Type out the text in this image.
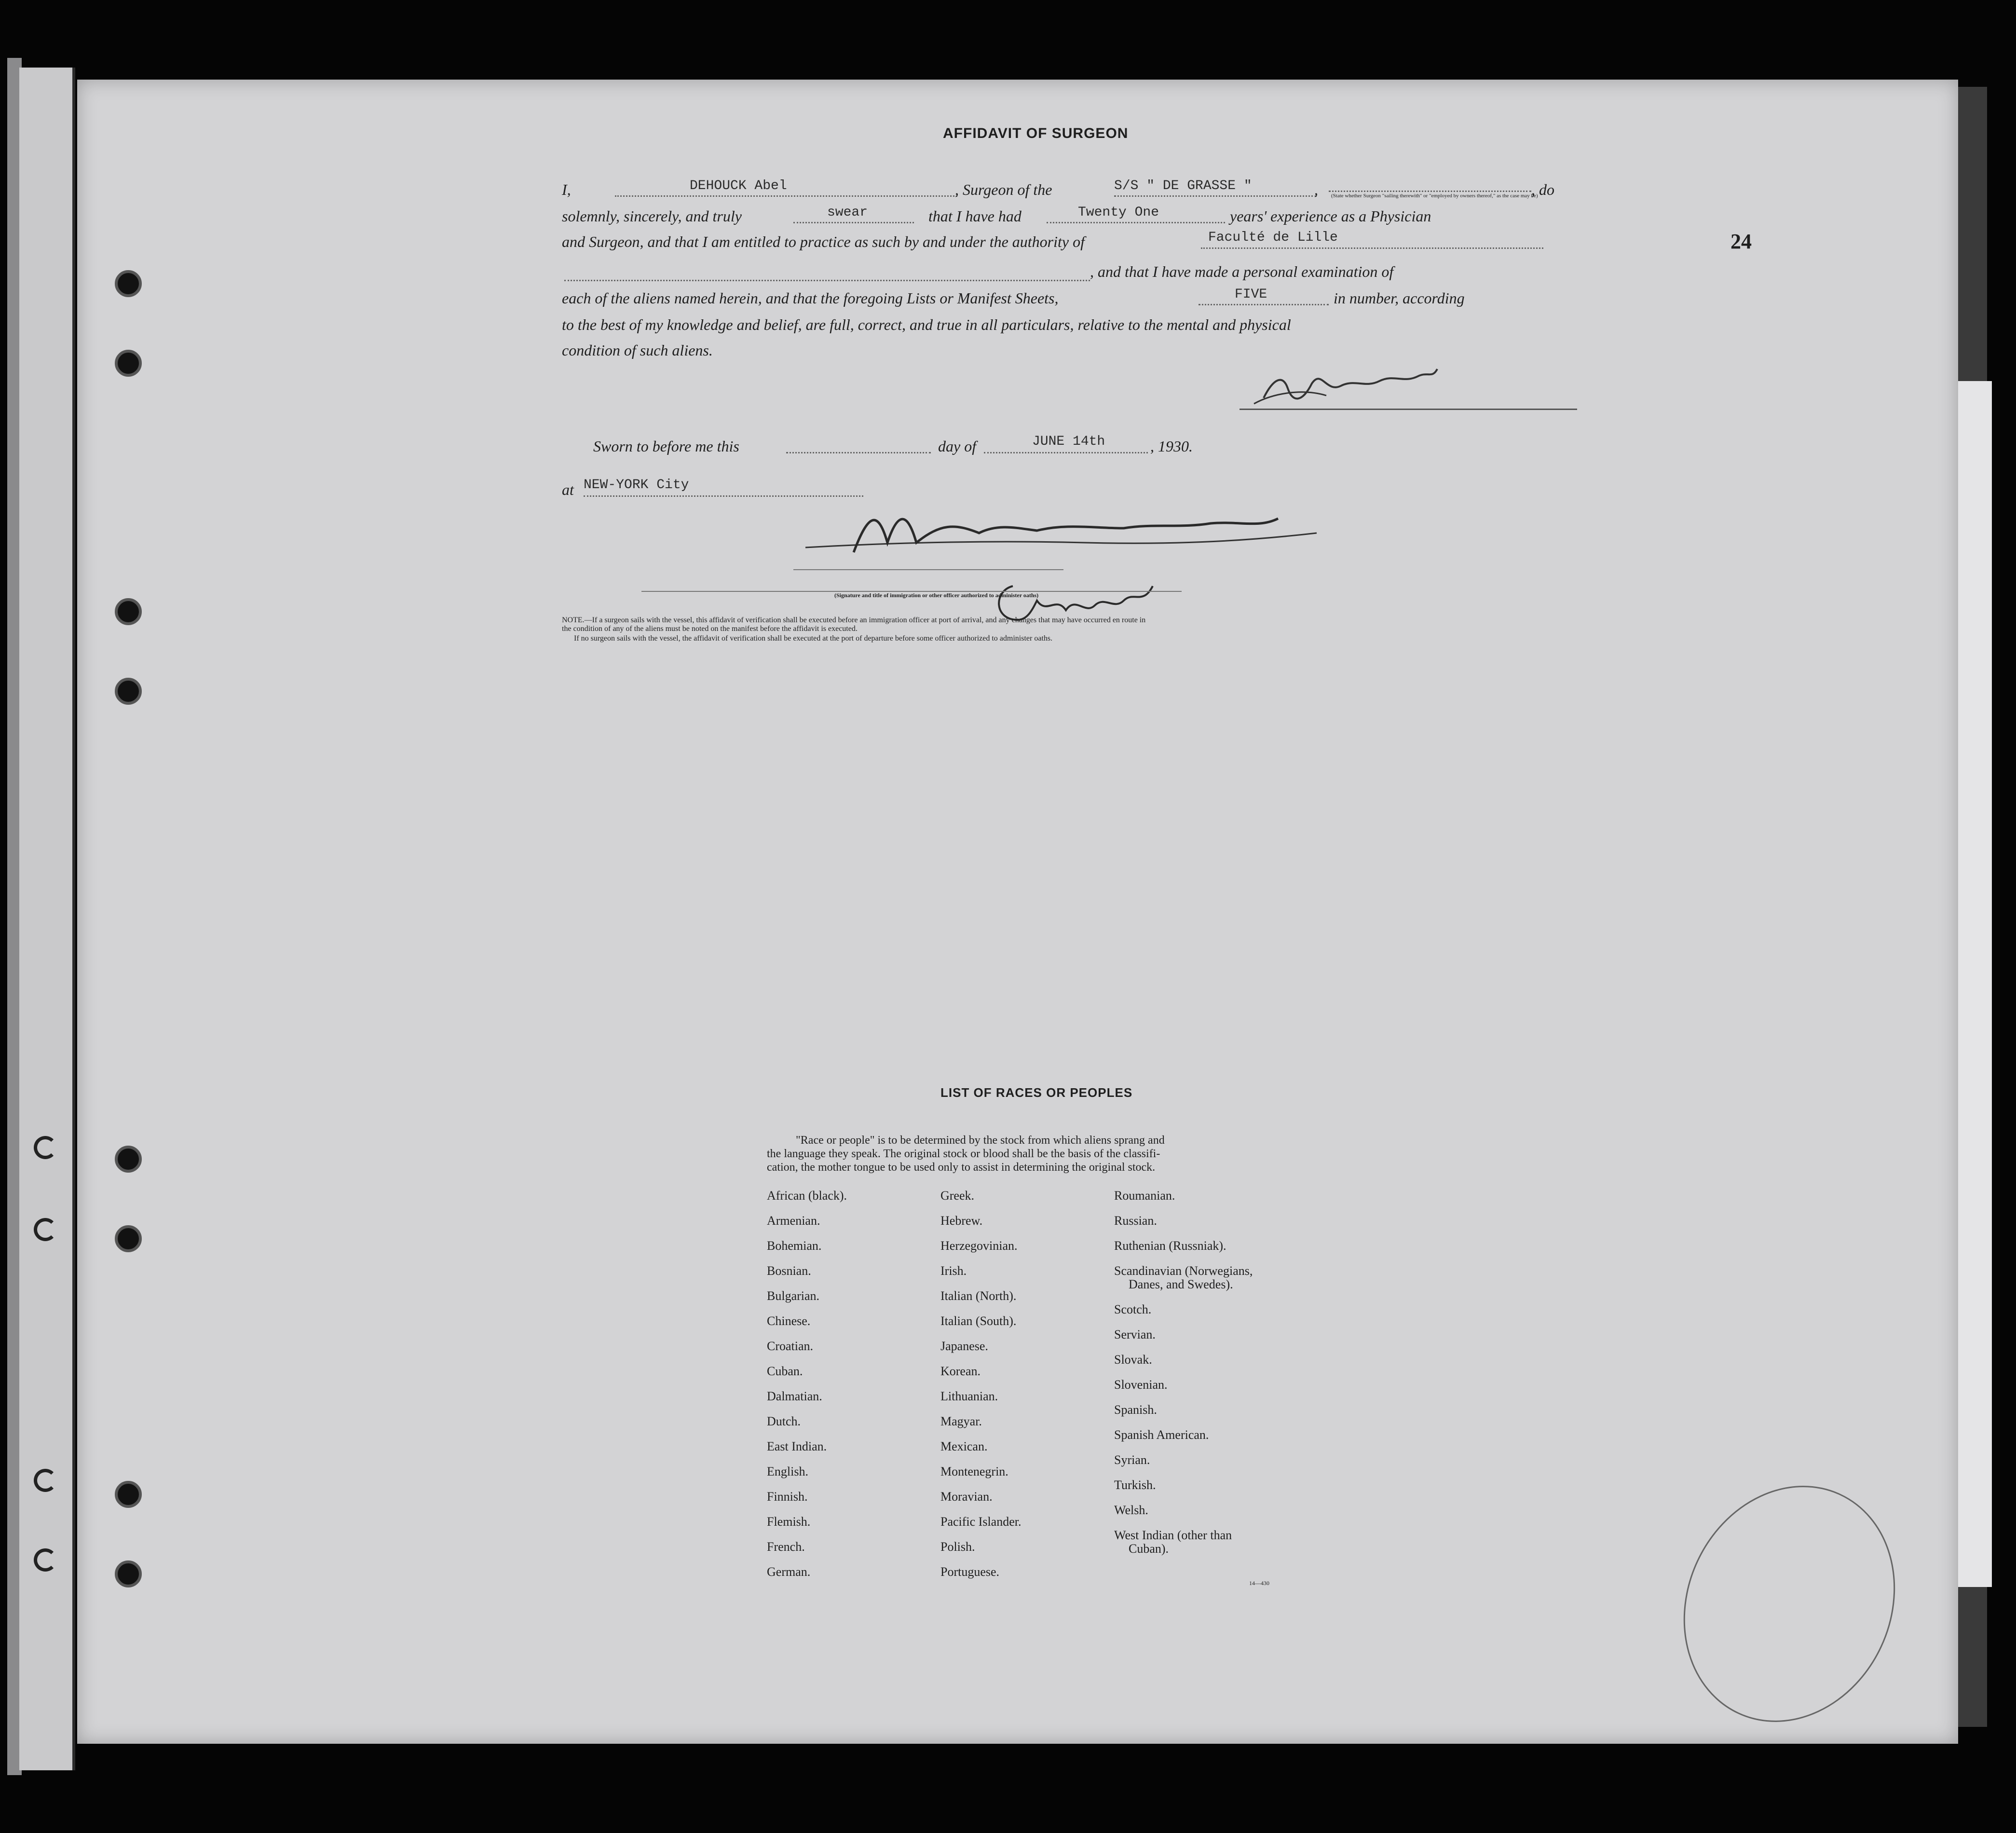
24
AFFIDAVIT OF SURGEON
I,	DEHOUCK Abel	, Surgeon of the	S/S " DE GRASSE "	, (State whether Surgeon "sailing therewith" or "employed by owners thereof," as the case may be)
, do
solemnly, sincerely, and truly	swear	that I have had	Twenty One	years' experience as a Physician
and Surgeon, and that I am entitled to practice as such by and under the authority of	Faculté de Lille
, and that I have made a personal examination of
each of the aliens named herein, and that the foregoing Lists or Manifest Sheets,	FIVE	in number, according
to the best of my knowledge and belief, are full, correct, and true in all particulars, relative to the mental and physical
condition of such aliens.
Sworn to before me this	day of	JUNE 14th	, 1930.
at NEW-YORK City
(Signature and title of immigration or other officer authorized to administer oaths)
NOTE.—If a surgeon sails with the vessel, this affidavit of verification shall be executed before an immigration officer at port of arrival, and any changes that may have occurred en route in
the condition of any of the aliens must be noted on the manifest before the affidavit is executed.
If no surgeon sails with the vessel, the affidavit of verification shall be executed at the port of departure before some officer authorized to administer oaths.
LIST OF RACES OR PEOPLES
"Race or people" is to be determined by the stock from which aliens sprang and
the language they speak. The original stock or blood shall be the basis of the classifi-
cation, the mother tongue to be used only to assist in determining the original stock.
African (black).
Armenian.
Bohemian.
Bosnian.
Bulgarian.
Chinese.
Croatian.
Cuban.
Dalmatian.
Dutch.
East Indian.
English.
Finnish.
Flemish.
French.
German.
Greek.
Hebrew.
Herzegovinian.
Irish.
Italian (North).
Italian (South).
Japanese.
Korean.
Lithuanian.
Magyar.
Mexican.
Montenegrin.
Moravian.
Pacific Islander.
Polish.
Portuguese.
Roumanian.
Russian.
Ruthenian (Russniak).
Scandinavian (Norwegians,
Danes, and Swedes).
Scotch.
Servian.
Slovak.
Slovenian.
Spanish.
Spanish American.
Syrian.
Turkish.
Welsh.
West Indian (other than
Cuban).
14—430
